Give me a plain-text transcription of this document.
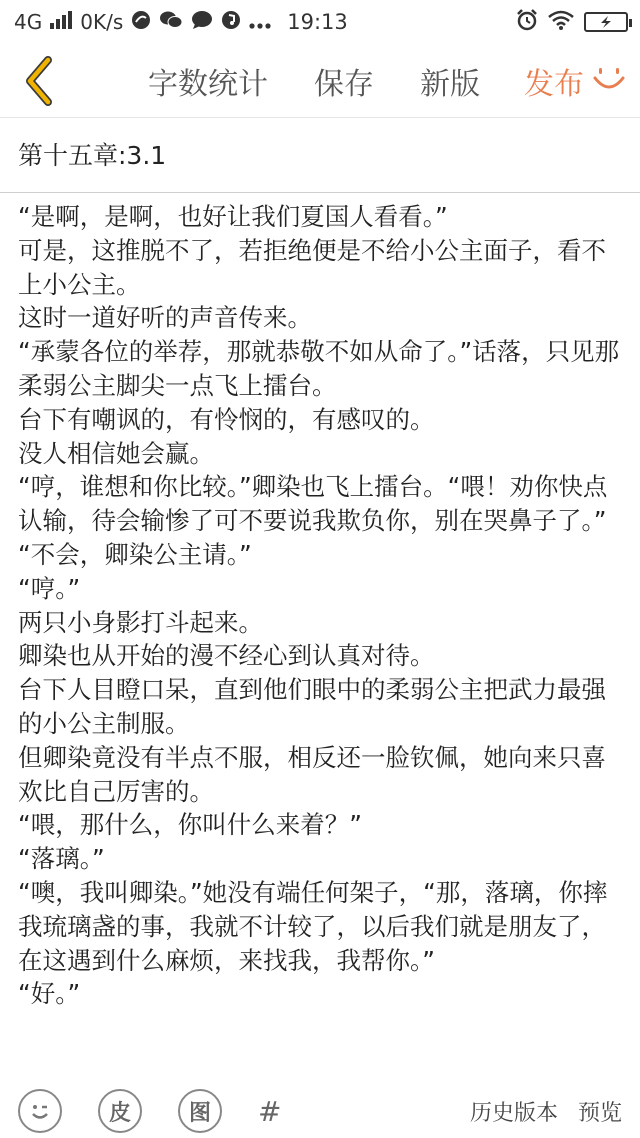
4G 0K/s	19:13
字数统计 保存 新版 发布
第十五章:3.1

“是啊，是啊，也好让我们夏国人看看。”

可是，这推脱不了，若拒绝便是不给小公主面子，看不上小公主。

这时一道好听的声音传来。

“承蒙各位的举荐，那就恭敬不如从命了。”话落，只见那柔弱公主脚尖一点飞上擂台。

台下有嘲讽的，有怜悯的，有感叹的。

没人相信她会赢。

“哼，谁想和你比较。”卿染也飞上擂台。“喂！劝你快点认输，待会输惨了可不要说我欺负你，别在哭鼻子了。”

“不会，卿染公主请。”

“哼。”

两只小身影打斗起来。

卿染也从开始的漫不经心到认真对待。

台下人目瞪口呆，直到他们眼中的柔弱公主把武力最强的小公主制服。

但卿染竟没有半点不服，相反还一脸钦佩，她向来只喜欢比自己厉害的。

“喂，那什么，你叫什么来着？”

“落璃。”

“噢，我叫卿染。”她没有端任何架子，“那，落璃，你摔我琉璃盏的事，我就不计较了，以后我们就是朋友了，在这遇到什么麻烦，来找我，我帮你。”

“好。”

皮	图 #	历史版本 预览
